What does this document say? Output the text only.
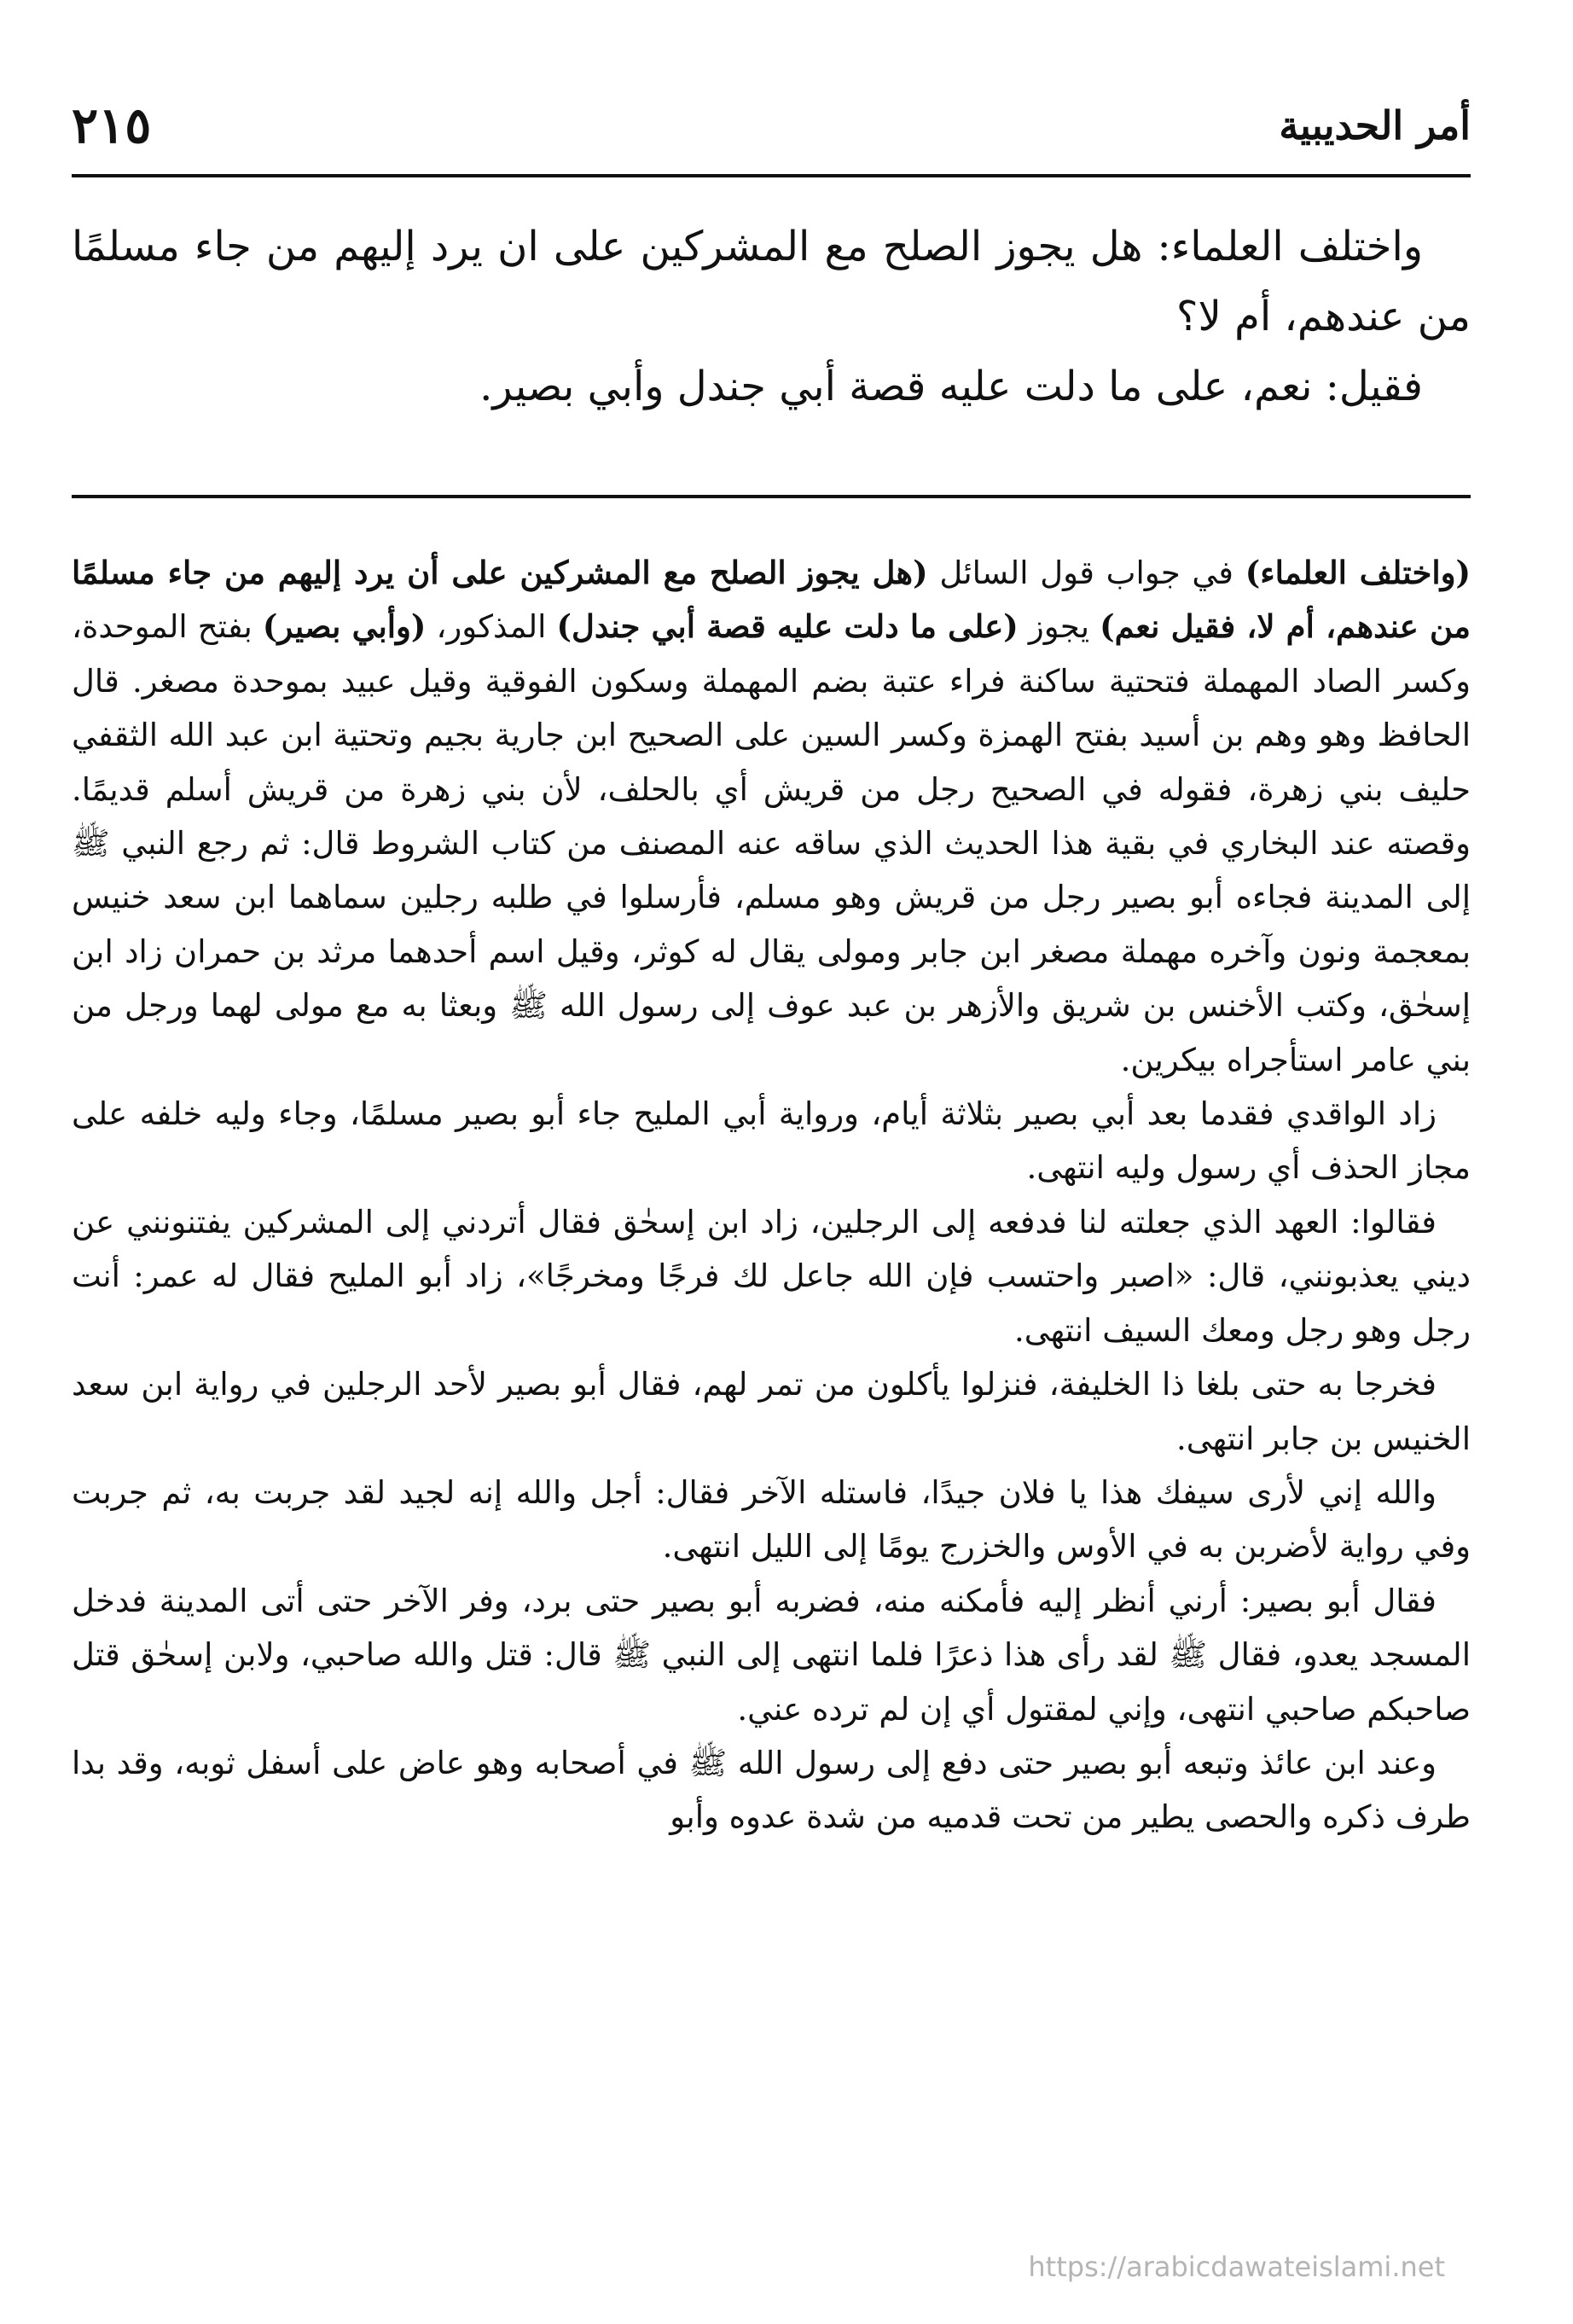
أمر الحديبية
٢١٥

واختلف العلماء: هل يجوز الصلح مع المشركين على ان يرد إليهم من جاء مسلمًا من عندهم، أم لا؟

فقيل: نعم، على ما دلت عليه قصة أبي جندل وأبي بصير.

(واختلف العلماء) في جواب قول السائل (هل يجوز الصلح مع المشركين على أن يرد إليهم من جاء مسلمًا من عندهم، أم لا، فقيل نعم) يجوز (على ما دلت عليه قصة أبي جندل) المذكور، (وأبي بصير) بفتح الموحدة، وكسر الصاد المهملة فتحتية ساكنة فراء عتبة بضم المهملة وسكون الفوقية وقيل عبيد بموحدة مصغر. قال الحافظ وهو وهم بن أسيد بفتح الهمزة وكسر السين على الصحيح ابن جارية بجيم وتحتية ابن عبد الله الثقفي حليف بني زهرة، فقوله في الصحيح رجل من قريش أي بالحلف، لأن بني زهرة من قريش أسلم قديمًا. وقصته عند البخاري في بقية هذا الحديث الذي ساقه عنه المصنف من كتاب الشروط قال: ثم رجع النبي ﷺ إلى المدينة فجاءه أبو بصير رجل من قريش وهو مسلم، فأرسلوا في طلبه رجلين سماهما ابن سعد خنيس بمعجمة ونون وآخره مهملة مصغر ابن جابر ومولى يقال له كوثر، وقيل اسم أحدهما مرثد بن حمران زاد ابن إسحٰق، وكتب الأخنس بن شريق والأزهر بن عبد عوف إلى رسول الله ﷺ وبعثا به مع مولى لهما ورجل من بني عامر استأجراه بيكرين.

زاد الواقدي فقدما بعد أبي بصير بثلاثة أيام، ورواية أبي المليح جاء أبو بصير مسلمًا، وجاء وليه خلفه على مجاز الحذف أي رسول وليه انتهى.

فقالوا: العهد الذي جعلته لنا فدفعه إلى الرجلين، زاد ابن إسحٰق فقال أتردني إلى المشركين يفتنونني عن ديني يعذبونني، قال: «اصبر واحتسب فإن الله جاعل لك فرجًا ومخرجًا»، زاد أبو المليح فقال له عمر: أنت رجل وهو رجل ومعك السيف انتهى.

فخرجا به حتى بلغا ذا الخليفة، فنزلوا يأكلون من تمر لهم، فقال أبو بصير لأحد الرجلين في رواية ابن سعد الخنيس بن جابر انتهى.

والله إني لأرى سيفك هذا يا فلان جيدًا، فاستله الآخر فقال: أجل والله إنه لجيد لقد جربت به، ثم جربت وفي رواية لأضربن به في الأوس والخزرج يومًا إلى الليل انتهى.

فقال أبو بصير: أرني أنظر إليه فأمكنه منه، فضربه أبو بصير حتى برد، وفر الآخر حتى أتى المدينة فدخل المسجد يعدو، فقال ﷺ لقد رأى هذا ذعرًا فلما انتهى إلى النبي ﷺ قال: قتل والله صاحبي، ولابن إسحٰق قتل صاحبكم صاحبي انتهى، وإني لمقتول أي إن لم ترده عني.

وعند ابن عائذ وتبعه أبو بصير حتى دفع إلى رسول الله ﷺ في أصحابه وهو عاض على أسفل ثوبه، وقد بدا طرف ذكره والحصى يطير من تحت قدميه من شدة عدوه وأبو

https://arabicdawateislami.net
